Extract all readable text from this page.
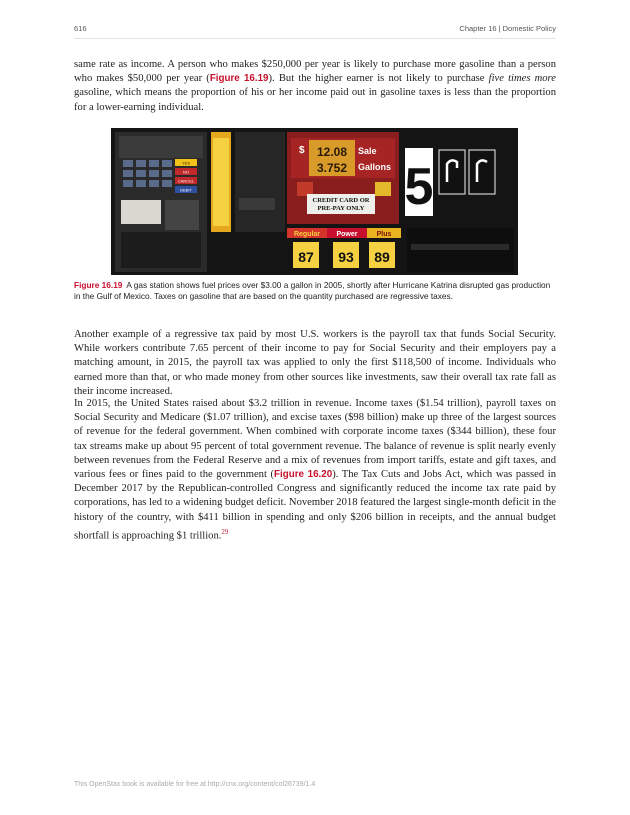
616	Chapter 16 | Domestic Policy

same rate as income. A person who makes $250,000 per year is likely to purchase more gasoline than a person who makes $50,000 per year (Figure 16.19). But the higher earner is not likely to purchase five times more gasoline, which means the proportion of his or her income paid out in gasoline taxes is less than the proportion for a lower-earning individual.

YES
NO
CANCEL
DEBIT
$ 12.08
3.752
Sale
Gallons
CREDIT CARD OR
PRE-PAY ONLY 5
Regular Power	Plus
87 93 89

Figure 16.19 A gas station shows fuel prices over $3.00 a gallon in 2005, shortly after Hurricane Katrina disrupted gas production in the Gulf of Mexico. Taxes on gasoline that are based on the quantity purchased are regressive taxes.

Another example of a regressive tax paid by most U.S. workers is the payroll tax that funds Social Security. While workers contribute 7.65 percent of their income to pay for Social Security and their employers pay a matching amount, in 2015, the payroll tax was applied to only the first $118,500 of income. Individuals who earned more than that, or who made money from other sources like investments, saw their overall tax rate fall as their income increased.

In 2015, the United States raised about $3.2 trillion in revenue. Income taxes ($1.54 trillion), payroll taxes on Social Security and Medicare ($1.07 trillion), and excise taxes ($98 billion) make up three of the largest sources of revenue for the federal government. When combined with corporate income taxes ($344 billion), these four tax streams make up about 95 percent of total government revenue. The balance of revenue is split nearly evenly between revenues from the Federal Reserve and a mix of revenues from import tariffs, estate and gift taxes, and various fees or fines paid to the government (Figure 16.20). The Tax Cuts and Jobs Act, which was passed in December 2017 by the Republican-controlled Congress and significantly reduced the income tax rate paid by corporations, has led to a widening budget deficit. November 2018 featured the largest single-month deficit in the history of the country, with $411 billion in spending and only $206 billion in receipts, and the annual budget shortfall is approaching $1 trillion.$^{29}$

This OpenStax book is available for free at http://cnx.org/content/col26739/1.4
